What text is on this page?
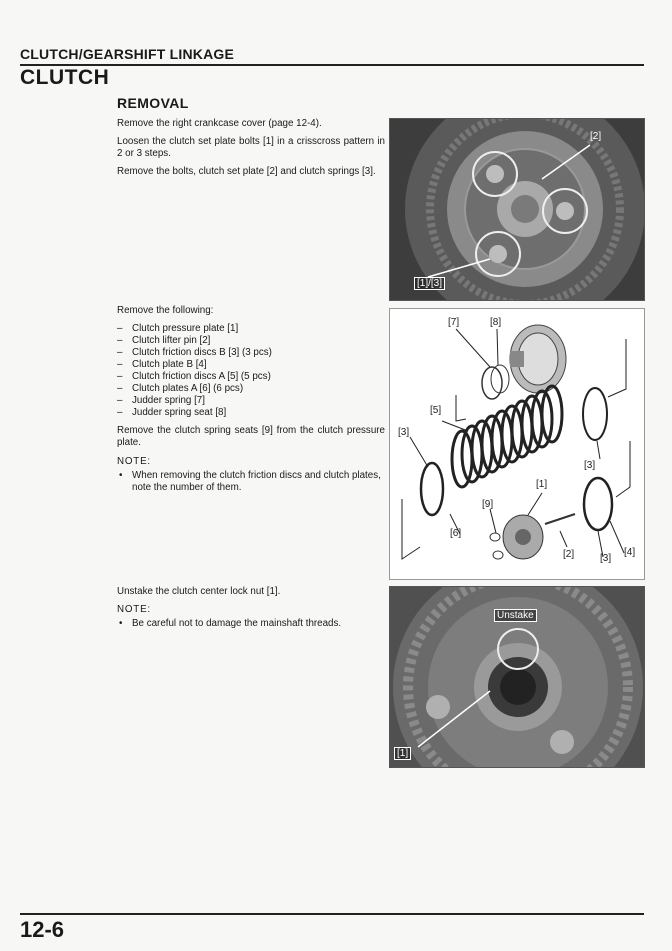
CLUTCH/GEARSHIFT LINKAGE
CLUTCH
REMOVAL
Remove the right crankcase cover (page 12-4).
Loosen the clutch set plate bolts [1] in a crisscross pattern in 2 or 3 steps.
Remove the bolts, clutch set plate [2] and clutch springs [3].
Remove the following:
– Clutch pressure plate [1]
– Clutch lifter pin [2]
– Clutch friction discs B [3] (3 pcs)
– Clutch plate B [4]
– Clutch friction discs A [5] (5 pcs)
– Clutch plates A [6] (6 pcs)
– Judder spring [7]
– Judder spring seat [8]
Remove the clutch spring seats [9] from the clutch pressure plate.
NOTE:
• When removing the clutch friction discs and clutch plates, note the number of them.
Unstake the clutch center lock nut [1].
NOTE:
• Be careful not to damage the mainshaft threads.
[2]
[1]/[3]
[7]	[8]
[5]
[3]
[3]
[1]
[9]
[6]
[2]	[3]
[4]
Unstake
[1]
12-6
